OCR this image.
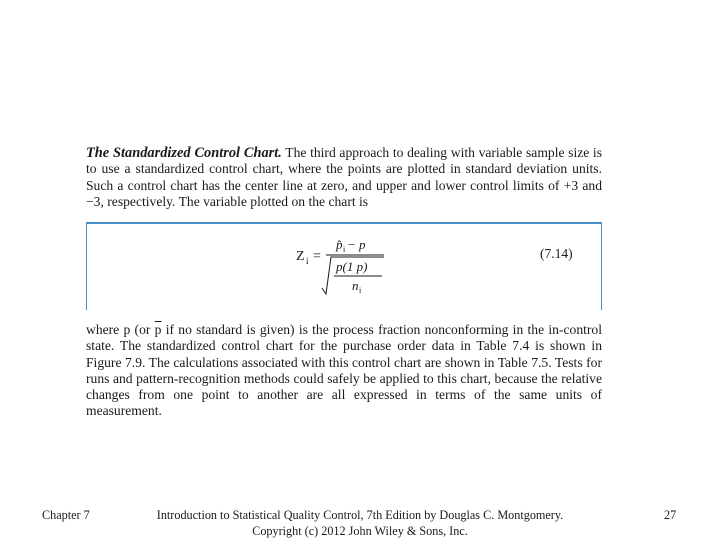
The Standardized Control Chart. The third approach to dealing with variable sample size is to use a standardized control chart, where the points are plotted in standard deviation units. Such a control chart has the center line at zero, and upper and lower control limits of +3 and −3, respectively. The variable plotted on the chart is

Z i =
p̂ i − p
p(1 p)
n i
(7.14)

where p (or $\overline{p}$ if no standard is given) is the process fraction nonconforming in the in-control state. The standardized control chart for the purchase order data in Table 7.4 is shown in Figure 7.9. The calculations associated with this control chart are shown in Table 7.5. Tests for runs and pattern-recognition methods could safely be applied to this chart, because the relative changes from one point to another are all expressed in terms of the same units of measurement.

Chapter 7	Introduction to Statistical Quality Control, 7th Edition by Douglas C. Montgomery.
Copyright (c) 2012 John Wiley & Sons, Inc.
27
